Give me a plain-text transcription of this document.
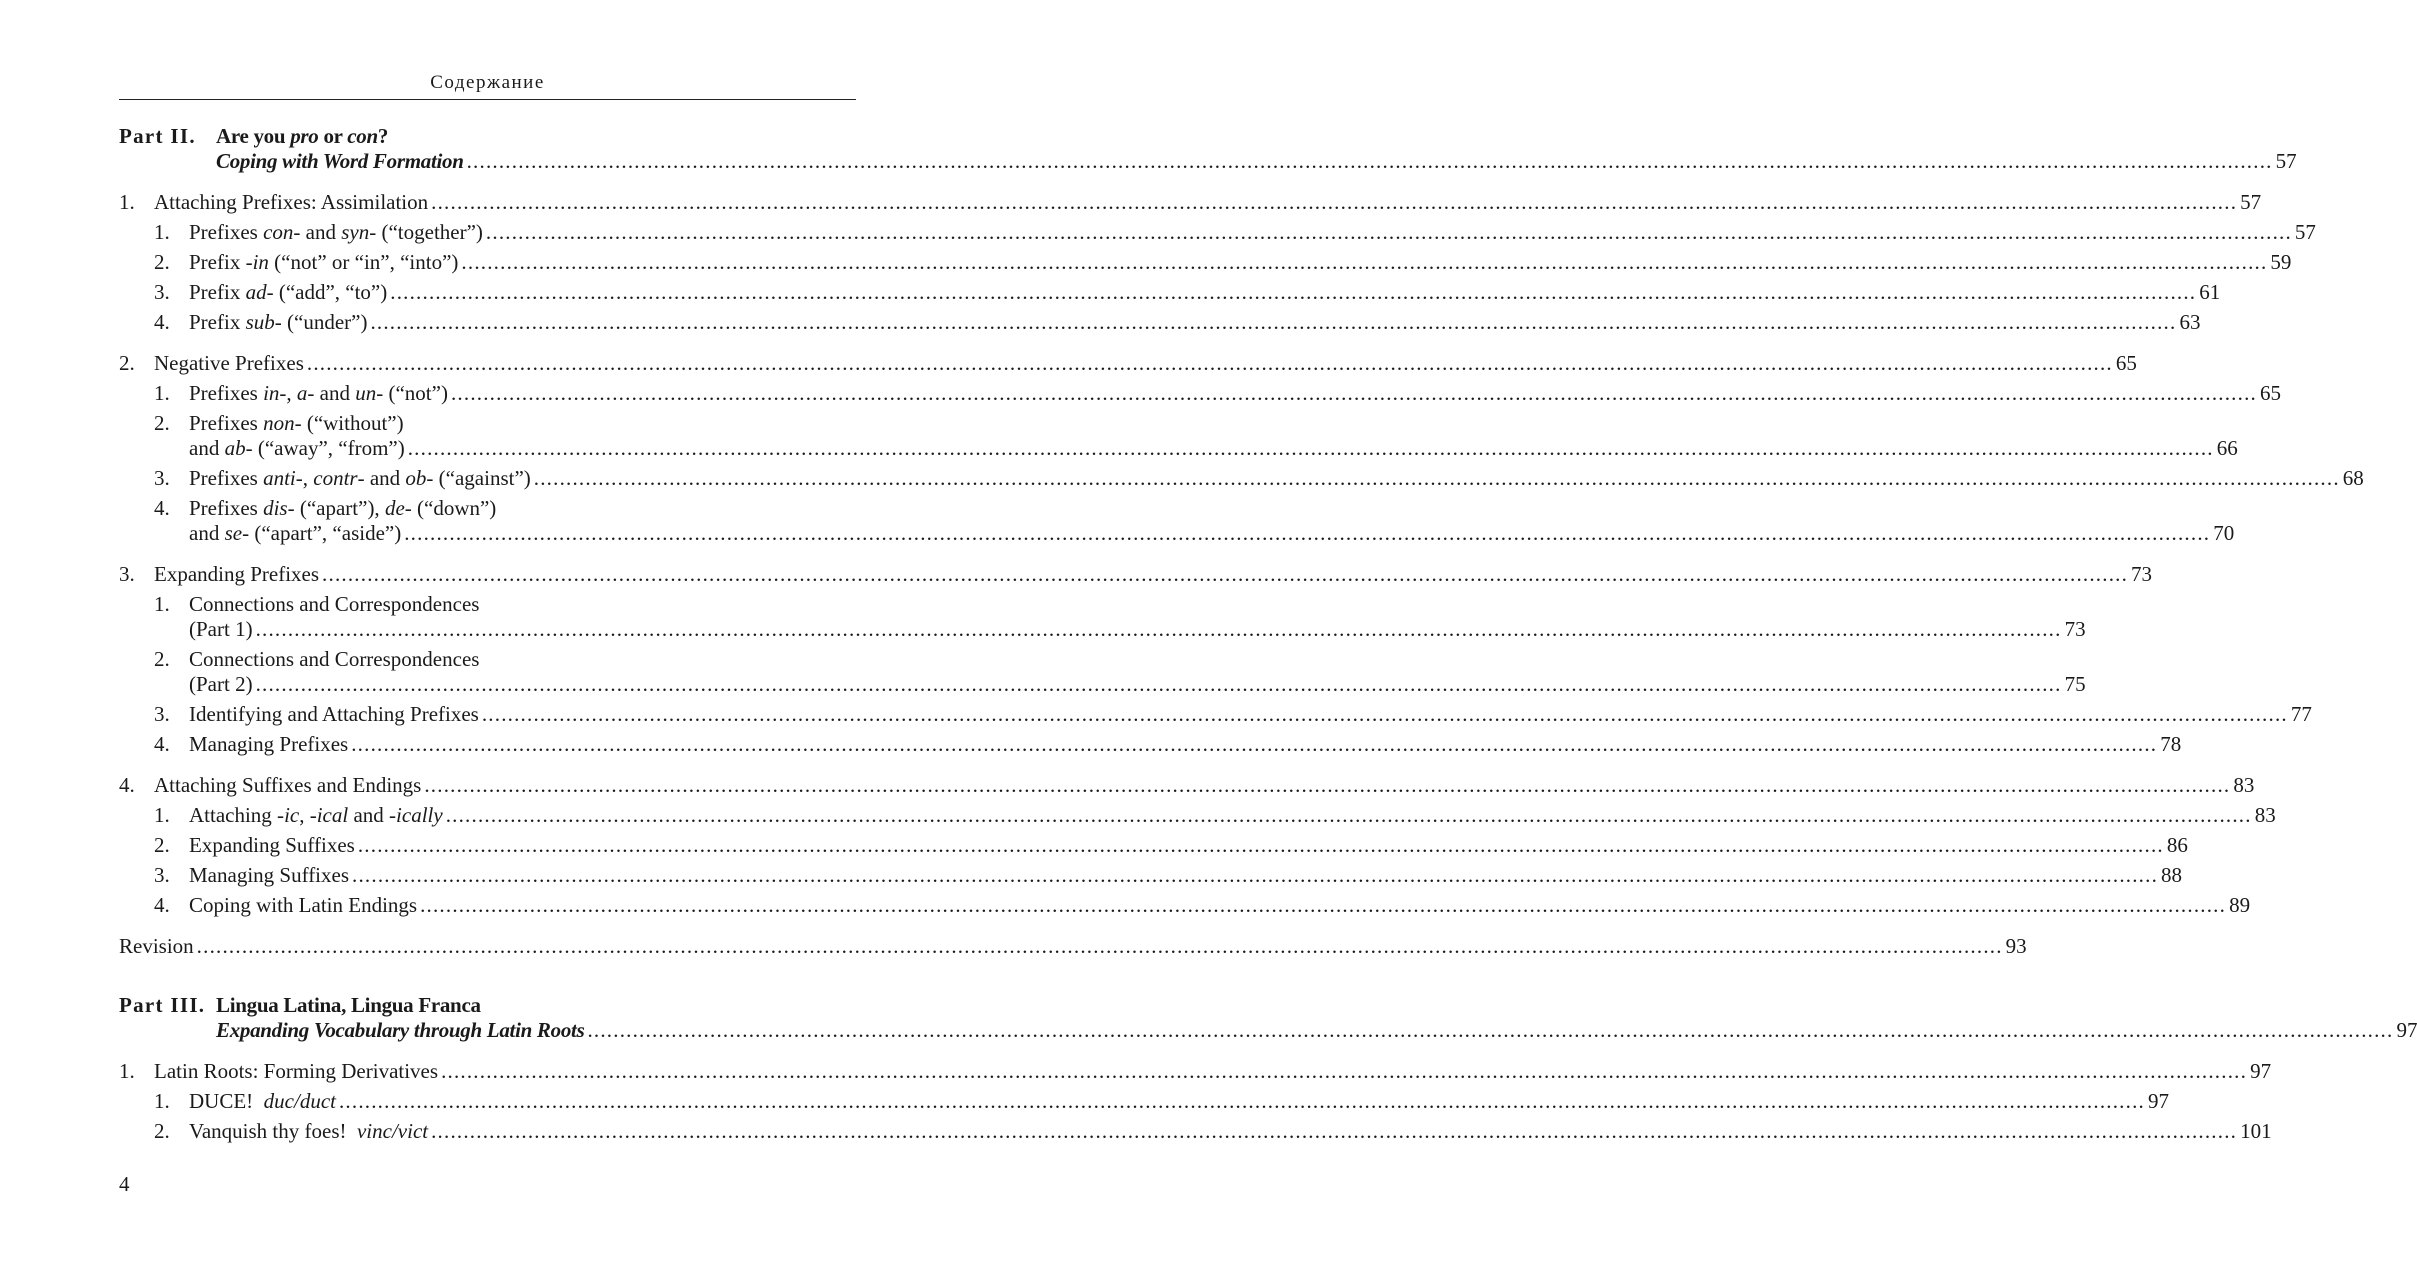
Содержание
Part II. Are you pro or con?
Coping with Word Formation .....	57
1. Attaching Prefixes: Assimilation .....	57
1. Prefixes con- and syn- (“together”) .....	57
2. Prefix -in (“not” or “in”, “into”) .....	59
3. Prefix ad- (“add”, “to”) .....	61
4. Prefix sub- (“under”) .....	63
2. Negative Prefixes .....	65
1. Prefixes in-, a- and un- (“not”) .....	65
2. Prefixes non- (“without”)
and ab- (“away”, “from”) .....	66
3. Prefixes anti-, contr- and ob- (“against”) .....	68
4. Prefixes dis- (“apart”), de- (“down”)
and se- (“apart”, “aside”) .....	70
3. Expanding Prefixes .....	73
1. Connections and Correspondences
(Part 1) .....	73
2. Connections and Correspondences
(Part 2) .....	75
3. Identifying and Attaching Prefixes .....	77
4. Managing Prefixes .....	78
4. Attaching Suffixes and Endings .....	83
1. Attaching -ic, -ical and -ically .....	83
2. Expanding Suffixes .....	86
3. Managing Suffixes .....	88
4. Coping with Latin Endings .....	89
Revision .....	93
Part III. Lingua Latina, Lingua Franca
Expanding Vocabulary through Latin Roots .....	97
1. Latin Roots: Forming Derivatives .....	97
1. DUCE!  duc/duct .....	97
2. Vanquish thy foes!  vinc/vict .....	101
4
